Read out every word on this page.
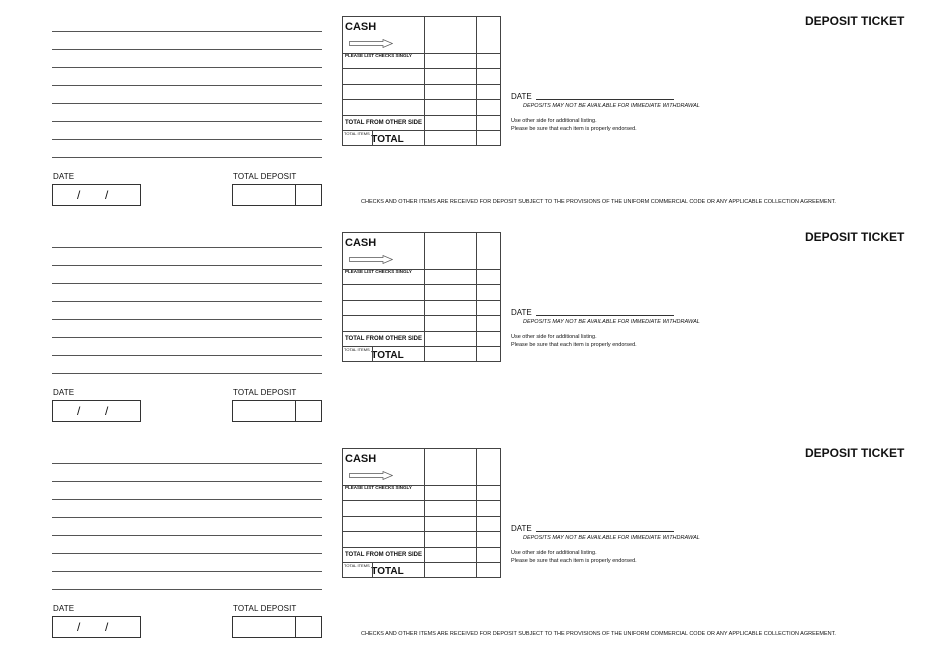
DATE
/ /
TOTAL DEPOSIT
CASH		

PLEASE LIST CHECKS SINGLY		

TOTAL FROM OTHER SIDE		

TOTAL ITEMS
TOTAL		

DEPOSIT TICKET
DATE
DEPOSITS MAY NOT BE AVAILABLE FOR IMMEDIATE WITHDRAWAL
Use other side for additional listing.
Please be sure that each item is properly endorsed.
CHECKS AND OTHER ITEMS ARE RECEIVED FOR DEPOSIT SUBJECT TO THE PROVISIONS OF THE UNIFORM COMMERCIAL CODE OR ANY APPLICABLE COLLECTION AGREEMENT.
DATE
/ /
TOTAL DEPOSIT
CASH		

PLEASE LIST CHECKS SINGLY		

TOTAL FROM OTHER SIDE		

TOTAL ITEMS
TOTAL		

DEPOSIT TICKET
DATE
DEPOSITS MAY NOT BE AVAILABLE FOR IMMEDIATE WITHDRAWAL
Use other side for additional listing.
Please be sure that each item is properly endorsed.
DATE
/ /
TOTAL DEPOSIT
CASH		

PLEASE LIST CHECKS SINGLY		

TOTAL FROM OTHER SIDE		

TOTAL ITEMS
TOTAL		

DEPOSIT TICKET
DATE
DEPOSITS MAY NOT BE AVAILABLE FOR IMMEDIATE WITHDRAWAL
Use other side for additional listing.
Please be sure that each item is properly endorsed.
CHECKS AND OTHER ITEMS ARE RECEIVED FOR DEPOSIT SUBJECT TO THE PROVISIONS OF THE UNIFORM COMMERCIAL CODE OR ANY APPLICABLE COLLECTION AGREEMENT.
